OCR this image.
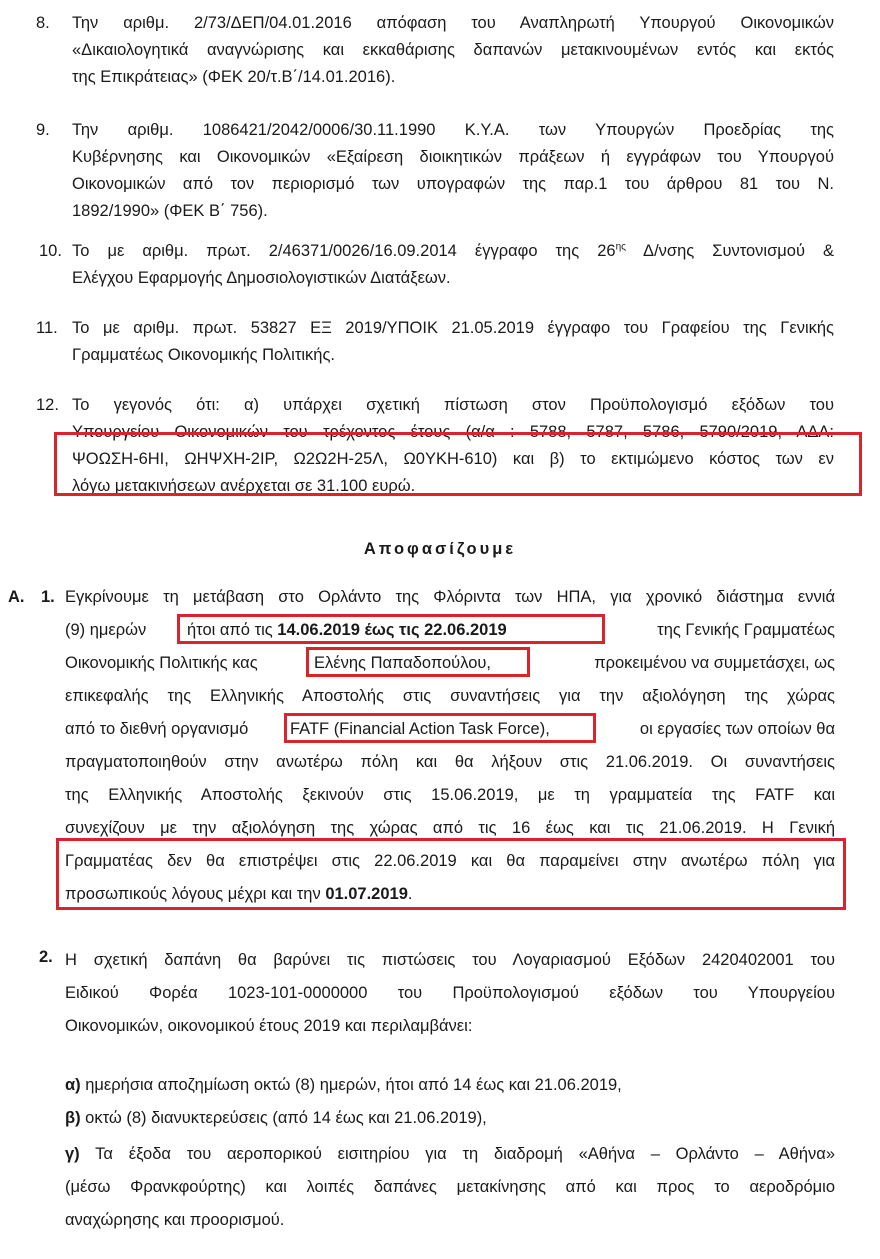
8. Την αριθμ. 2/73/ΔΕΠ/04.01.2016 απόφαση του Αναπληρωτή Υπουργού Οικονομικών
«Δικαιολογητικά αναγνώρισης και εκκαθάρισης δαπανών μετακινουμένων εντός και εκτός
της Επικράτειας» (ΦΕΚ 20/τ.Β΄/14.01.2016).
9. Την αριθμ. 1086421/2042/0006/30.11.1990 Κ.Υ.Α. των Υπουργών Προεδρίας της
Κυβέρνησης και Οικονομικών «Εξαίρεση διοικητικών πράξεων ή εγγράφων του Υπουργού
Οικονομικών από τον περιορισμό των υπογραφών της παρ.1 του άρθρου 81 του Ν.
1892/1990» (ΦΕΚ Β΄ 756).
10. Το με αριθμ. πρωτ. 2/46371/0026/16.09.2014 έγγραφο της $26^{\eta\varsigma}$ Δ/νσης Συντονισμού &
Ελέγχου Εφαρμογής Δημοσιολογιστικών Διατάξεων.
11. Το με αριθμ. πρωτ. 53827 ΕΞ 2019/ΥΠΟΙΚ 21.05.2019 έγγραφο του Γραφείου της Γενικής
Γραμματέως Οικονομικής Πολιτικής.
12. Το γεγονός ότι: α) υπάρχει σχετική πίστωση στον Προϋπολογισμό εξόδων του
Υπουργείου Οικονομικών του τρέχοντος έτους (α/α : 5788, 5787, 5786, 5790/2019, ΑΔΑ:
ΨΟΩΣΗ-6ΗΙ, ΩΗΨΧΗ-2ΙΡ, Ω2Ω2Η-25Λ, Ω0ΥΚΗ-610) και β) το εκτιμώμενο κόστος των εν
λόγω μετακινήσεων ανέρχεται σε 31.100 ευρώ.
Αποφασίζουμε
Α. 1. Εγκρίνουμε τη μετάβαση στο Ορλάντο της Φλόριντα των ΗΠΑ, για χρονικό διάστημα εννιά
(9) ημερών ήτοι από τις 14.06.2019 έως τις 22.06.2019	της Γενικής Γραμματέως
Οικονομικής Πολιτικής κας	Ελένης Παπαδοπούλου,	προκειμένου να συμμετάσχει, ως
επικεφαλής της Ελληνικής Αποστολής στις συναντήσεις για την αξιολόγηση της χώρας
από το διεθνή οργανισμό	FATF (Financial Action Task Force),	οι εργασίες των οποίων θα
πραγματοποιηθούν στην ανωτέρω πόλη και θα λήξουν στις 21.06.2019. Οι συναντήσεις
της Ελληνικής Αποστολής ξεκινούν στις 15.06.2019, με τη γραμματεία της FATF και
συνεχίζουν με την αξιολόγηση της χώρας από τις 16 έως και τις 21.06.2019. Η Γενική
Γραμματέας δεν θα επιστρέψει στις 22.06.2019 και θα παραμείνει στην ανωτέρω πόλη για
προσωπικούς λόγους μέχρι και την 01.07.2019.
2. Η σχετική δαπάνη θα βαρύνει τις πιστώσεις του Λογαριασμού Εξόδων 2420402001 του
Ειδικού Φορέα 1023-101-0000000 του Προϋπολογισμού εξόδων του Υπουργείου
Οικονομικών, οικονομικού έτους 2019 και περιλαμβάνει:
α) ημερήσια αποζημίωση οκτώ (8) ημερών, ήτοι από 14 έως και 21.06.2019,
β) οκτώ (8) διανυκτερεύσεις (από 14 έως και 21.06.2019),
γ) Τα έξοδα του αεροπορικού εισιτηρίου για τη διαδρομή «Αθήνα – Ορλάντο – Αθήνα»
(μέσω Φρανκφούρτης) και λοιπές δαπάνες μετακίνησης από και προς το αεροδρόμιο
αναχώρησης και προορισμού.
